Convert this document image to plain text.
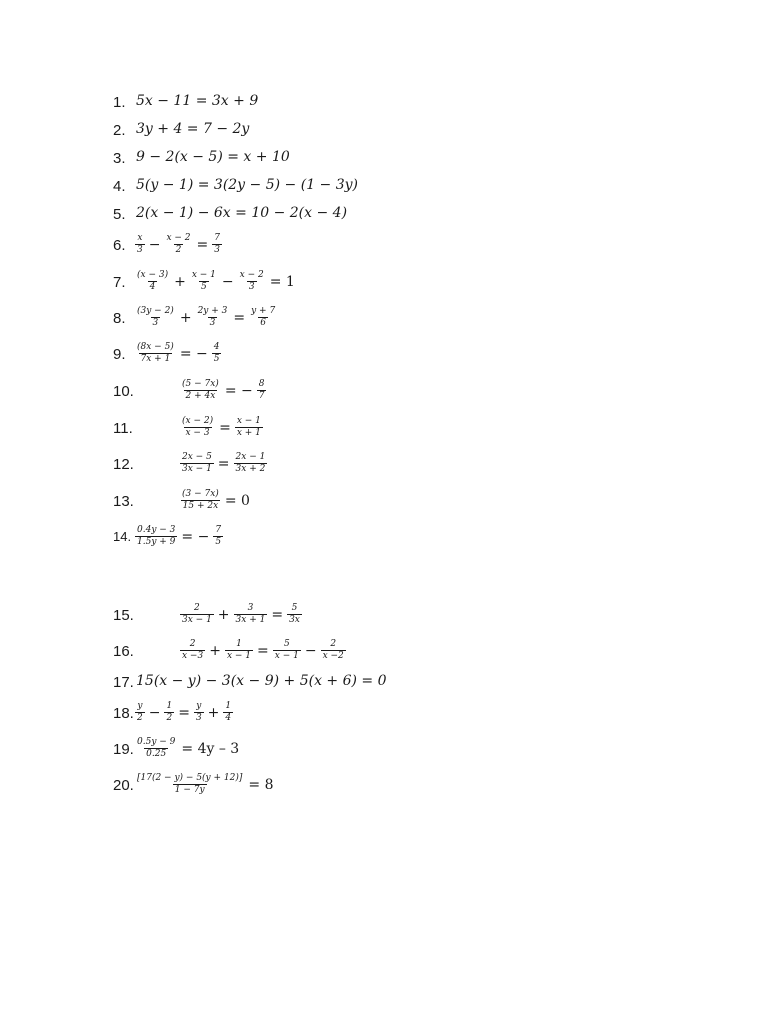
1. 5x − 11 = 3x + 9
2. 3y + 4 = 7 − 2y
3. 9 − 2(x − 5) = x + 10
4. 5(y − 1) = 3(2y − 5) − (1 − 3y)
5. 2(x − 1) − 6x = 10 − 2(x − 4)
6. $\frac{x}{3} - \frac{x - 2}{2} = \frac{7}{3}$
7. $\frac{(x - 3)}{4} + \frac{x - 1}{5} - \frac{x - 2}{3} = 1$
8. $\frac{(3y - 2)}{3} + \frac{2y + 3}{3} = \frac{y + 7}{6}$
9. $\frac{(8x - 5)}{7x + 1}$ = − $\frac{4}{5}$
10.	$\frac{(5 - 7x)}{2 + 4x}$ = − $\frac{8}{7}$
11.	$\frac{(x - 2)}{x - 3} = \frac{x - 1}{x + 1}$
12.	$\frac{2x - 5}{3x - 1} = \frac{2x - 1}{3x + 2}$
13.	$\frac{(3 - 7x)}{15 + 2x} = 0$
14. $\frac{0.4y - 3}{1.5y + 9}$ = − $\frac{7}{5}$
15.	$\frac{2}{3x - 1} + \frac{3}{3x + 1} = \frac{5}{3x}$
16.	$\frac{2}{x -3} + \frac{1}{x - 1} = \frac{5}{x - 1} - \frac{2}{x -2}$
17. 15(x − y) − 3(x − 9) + 5(x + 6) = 0
18. $\frac{y}{2} - \frac{1}{2} = \frac{y}{3} + \frac{1}{4}$
19. $\frac{0.5y - 9}{0.25} = 4y - 3$
20. $\frac{[17(2 - y) - 5(y + 12)]}{1 - 7y} = 8$
